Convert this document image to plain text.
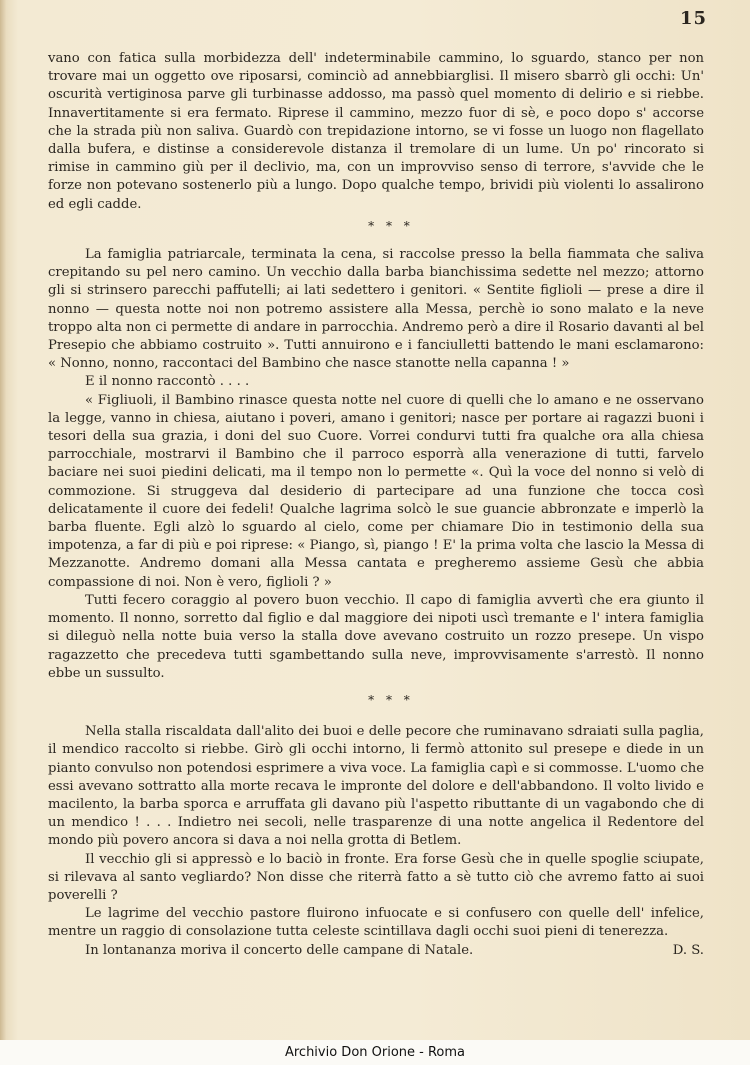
15

vano con fatica sulla morbidezza dell' indeterminabile cammino, lo sguardo, stanco per non trovare mai un oggetto ove riposarsi, cominciò ad annebbiarglisi. Il misero sbarrò gli occhi: Un' oscurità vertiginosa parve gli turbinasse addosso, ma passò quel momento di delirio e si riebbe. Innavertitamente si era fermato. Riprese il cammino, mezzo fuor di sè, e poco dopo s' accorse che la strada più non saliva. Guardò con trepidazione intorno, se vi fosse un luogo non flagellato dalla bufera, e distinse a considerevole distanza il tremolare di un lume. Un po' rincorato si rimise in cammino giù per il declivio, ma, con un improvviso senso di terrore, s'avvide che le forze non potevano sostenerlo più a lungo. Dopo qualche tempo, brividi più violenti lo assalirono ed egli cadde.

* * *

La famiglia patriarcale, terminata la cena, si raccolse presso la bella fiammata che saliva crepitando su pel nero camino. Un vecchio dalla barba bianchissima sedette nel mezzo; attorno gli si strinsero parecchi paffutelli; ai lati sedettero i genitori. « Sentite figlioli — prese a dire il nonno — questa notte noi non potremo assistere alla Messa, perchè io sono malato e la neve troppo alta non ci permette di andare in parrocchia. Andremo però a dire il Rosario davanti al bel Presepio che abbiamo costruito ». Tutti annuirono e i fanciulletti battendo le mani esclamarono: « Nonno, nonno, raccontaci del Bambino che nasce stanotte nella capanna ! »

E il nonno raccontò . . . .

« Figliuoli, il Bambino rinasce questa notte nel cuore di quelli che lo amano e ne osservano la legge, vanno in chiesa, aiutano i poveri, amano i genitori; nasce per portare ai ragazzi buoni i tesori della sua grazia, i doni del suo Cuore. Vorrei condurvi tutti fra qualche ora alla chiesa parrocchiale, mostrarvi il Bambino che il parroco esporrà alla venerazione di tutti, farvelo baciare nei suoi piedini delicati, ma il tempo non lo permette «. Quì la voce del nonno si velò di commozione. Si struggeva dal desiderio di partecipare ad una funzione che tocca così delicatamente il cuore dei fedeli! Qualche lagrima solcò le sue guancie abbronzate e imperlò la barba fluente. Egli alzò lo sguardo al cielo, come per chiamare Dio in testimonio della sua impotenza, a far di più e poi riprese: « Piango, sì, piango ! E' la prima volta che lascio la Messa di Mezzanotte. Andremo domani alla Messa cantata e pregheremo assieme Gesù che abbia compassione di noi. Non è vero, figlioli ? »

Tutti fecero coraggio al povero buon vecchio. Il capo di famiglia avvertì che era giunto il momento. Il nonno, sorretto dal figlio e dal maggiore dei nipoti uscì tremante e l' intera famiglia si dileguò nella notte buia verso la stalla dove avevano costruito un rozzo presepe. Un vispo ragazzetto che precedeva tutti sgambettando sulla neve, improvvisamente s'arrestò. Il nonno ebbe un sussulto.

* * *

Nella stalla riscaldata dall'alito dei buoi e delle pecore che ruminavano sdraiati sulla paglia, il mendico raccolto si riebbe. Girò gli occhi intorno, li fermò attonito sul presepe e diede in un pianto convulso non potendosi esprimere a viva voce. La famiglia capì e si commosse. L'uomo che essi avevano sottratto alla morte recava le impronte del dolore e dell'abbandono. Il volto livido e macilento, la barba sporca e arruffata gli davano più l'aspetto ributtante di un vagabondo che di un mendico ! . . . Indietro nei secoli, nelle trasparenze di una notte angelica il Redentore del mondo più povero ancora si dava a noi nella grotta di Betlem.

Il vecchio gli si appressò e lo baciò in fronte. Era forse Gesù che in quelle spoglie sciupate, si rilevava al santo vegliardo? Non disse che riterrà fatto a sè tutto ciò che avremo fatto ai suoi poverelli ?

Le lagrime del vecchio pastore fluirono infuocate e si confusero con quelle dell' infelice, mentre un raggio di consolazione tutta celeste scintillava dagli occhi suoi pieni di tenerezza.

In lontananza moriva il concerto delle campane di Natale.	D. S.
Archivio Don Orione - Roma
